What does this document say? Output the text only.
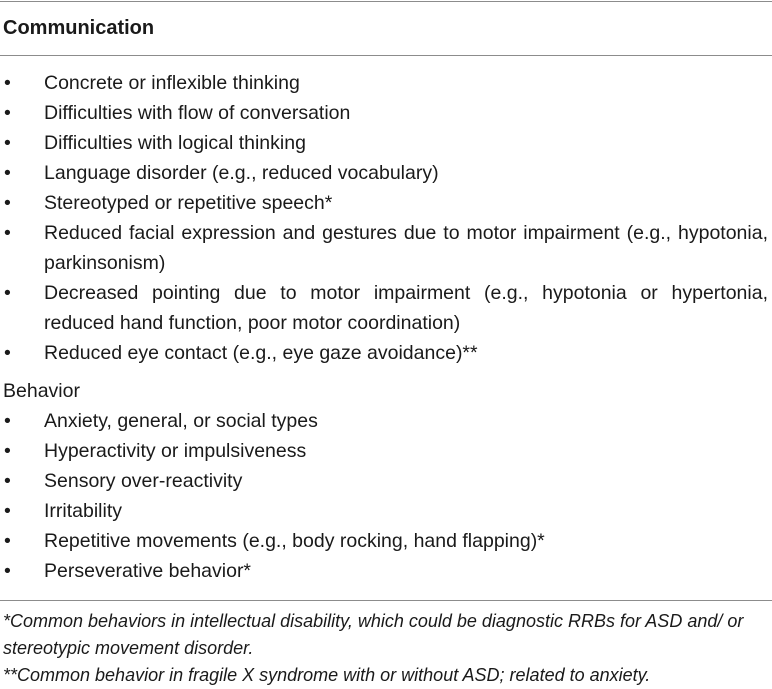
Communication
• Concrete or inflexible thinking
• Difficulties with flow of conversation
• Difficulties with logical thinking
• Language disorder (e.g., reduced vocabulary)
• Stereotyped or repetitive speech*
• Reduced facial expression and gestures due to motor impairment (e.g., hypotonia, parkinsonism)
• Decreased pointing due to motor impairment (e.g., hypotonia or hypertonia, reduced hand function, poor motor coordination)
• Reduced eye contact (e.g., eye gaze avoidance)**
Behavior
• Anxiety, general, or social types
• Hyperactivity or impulsiveness
• Sensory over-reactivity
• Irritability
• Repetitive movements (e.g., body rocking, hand flapping)*
• Perseverative behavior*

*Common behaviors in intellectual disability, which could be diagnostic RRBs for ASD and/ or stereotypic movement disorder.

**Common behavior in fragile X syndrome with or without ASD; related to anxiety.
